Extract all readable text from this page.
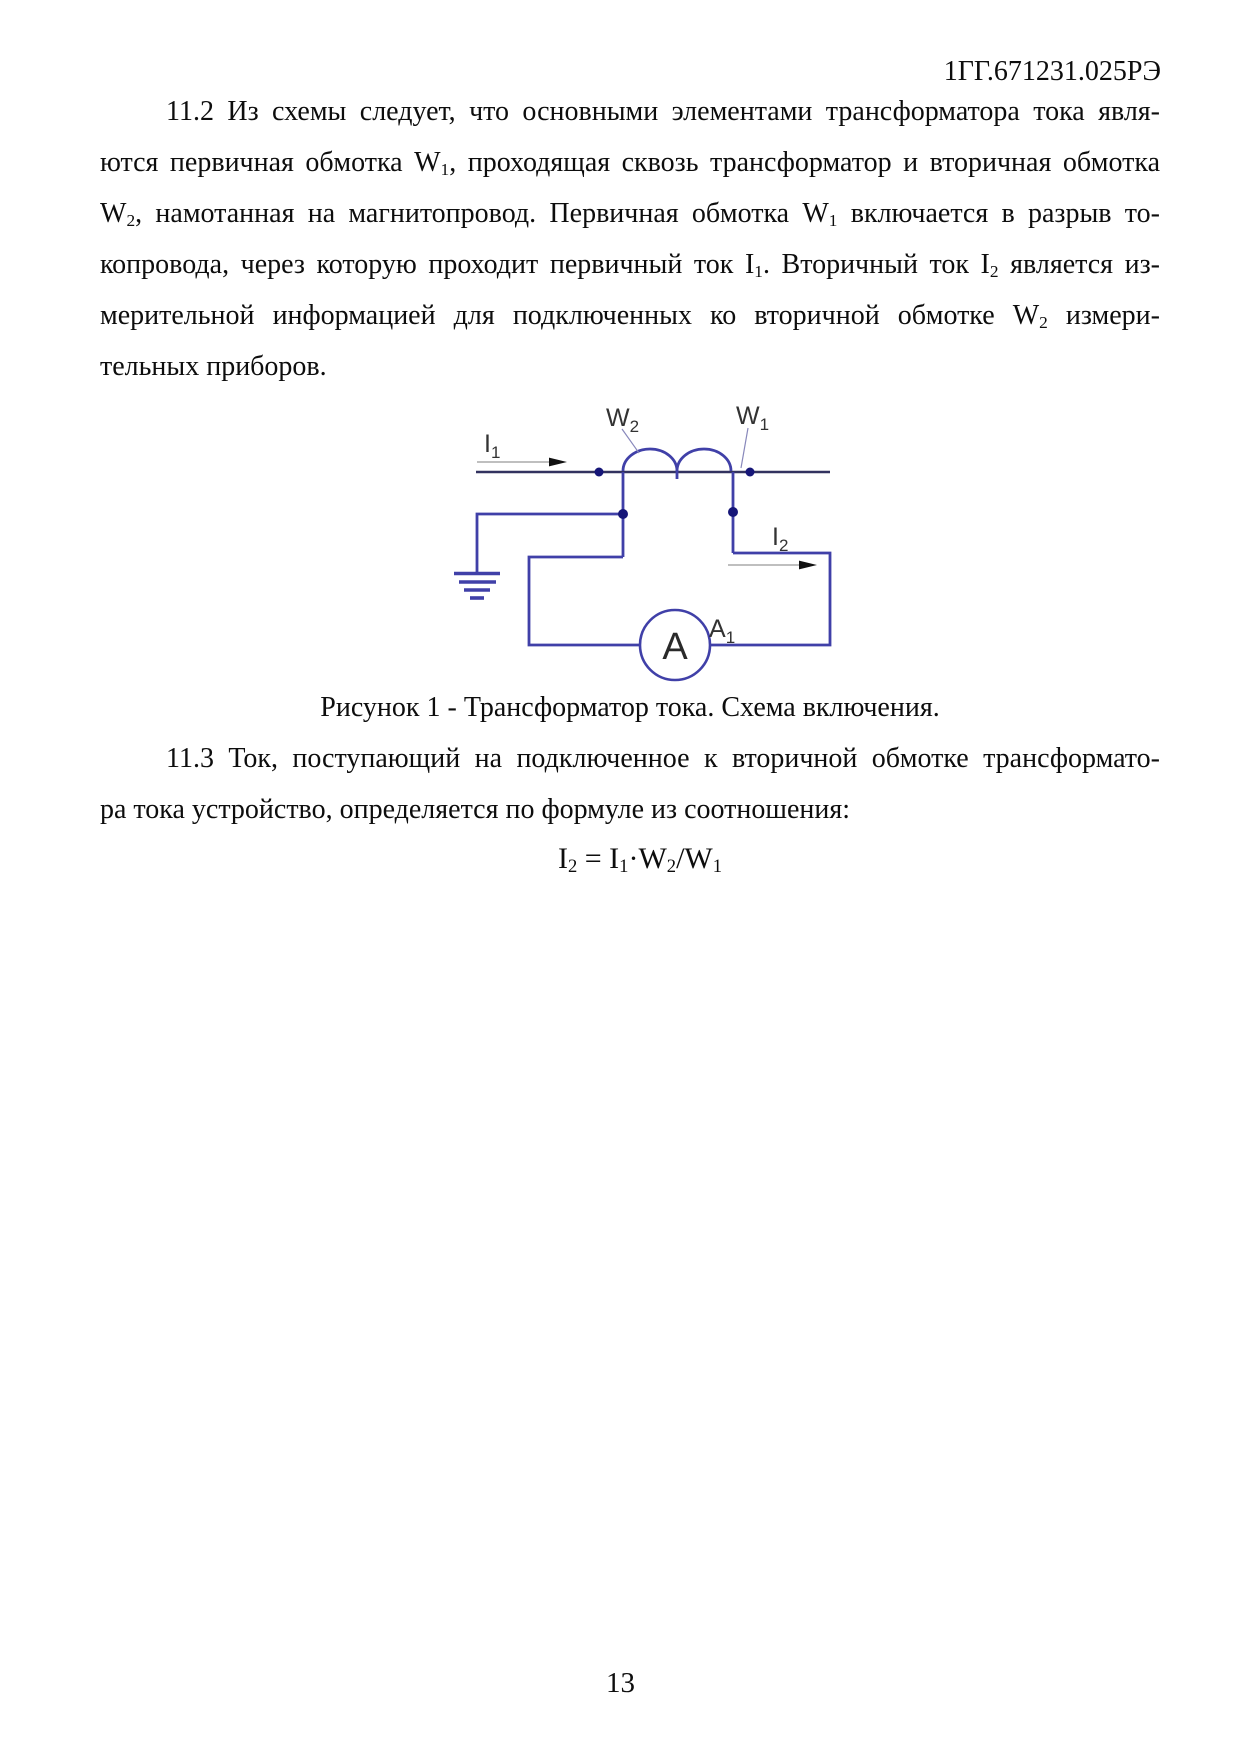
1ГГ.671231.025РЭ
11.2 Из схемы следует, что основными элементами трансформатора тока явля-
ются первичная обмотка $W_1$, проходящая сквозь трансформатор и вторичная обмотка
$W_2$, намотанная на магнитопровод. Первичная обмотка $W_1$ включается в разрыв то-
копровода, через которую проходит первичный ток $I_1$. Вторичный ток $I_2$ является из-
мерительной информацией для подключенных ко вторичной обмотке $W_2$ измери-
тельных приборов.
A
$I_1$
$W_2$	$W_1$
$I_2$
$A_1$
Рисунок 1 - Трансформатор тока. Схема включения.
11.3 Ток, поступающий на подключенное к вторичной обмотке трансформато-
ра тока устройство, определяется по формуле из соотношения:
$I_2 = I_1\cdot W_2/W_1$
13
